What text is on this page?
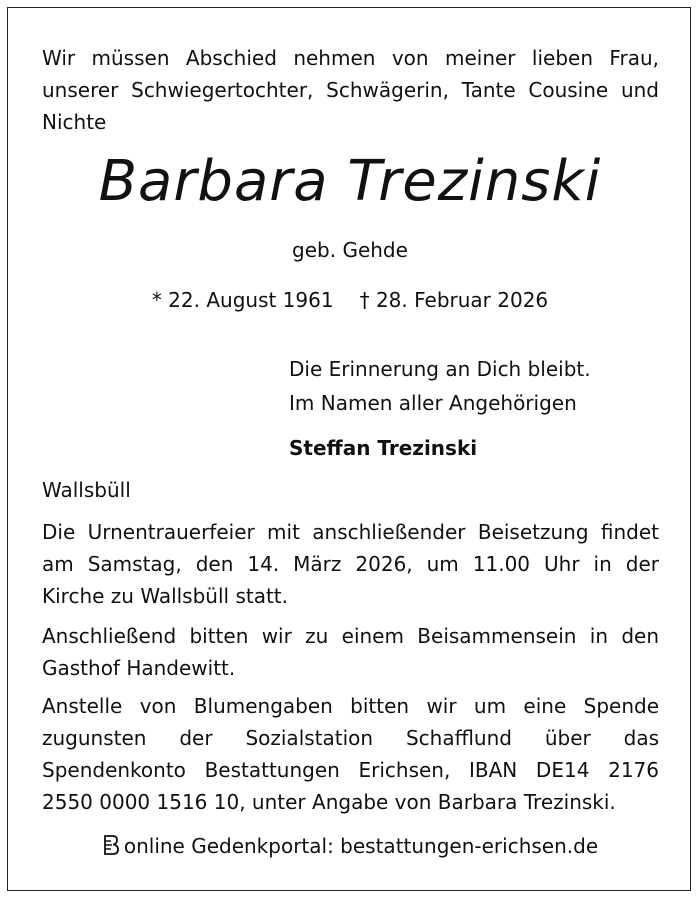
Wir müssen Abschied nehmen von meiner lieben Frau,
unserer Schwiegertochter, Schwägerin, Tante Cousine und
Nichte
Barbara Trezinski
geb. Gehde
* 22. August 1961 † 28. Februar 2026
Die Erinnerung an Dich bleibt.
Im Namen aller Angehörigen
Steffan Trezinski
Wallsbüll
Die Urnentrauerfeier mit anschließender Beisetzung findet
am Samstag, den 14. März 2026, um 11.00 Uhr in der
Kirche zu Wallsbüll statt.
Anschließend bitten wir zu einem Beisammensein in den
Gasthof Handewitt.
Anstelle von Blumengaben bitten wir um eine Spende
zugunsten der Sozialstation Schafflund über das
Spendenkonto Bestattungen Erichsen, IBAN DE14 2176
2550 0000 1516 10, unter Angabe von Barbara Trezinski.
online Gedenkportal: bestattungen-erichsen.de
